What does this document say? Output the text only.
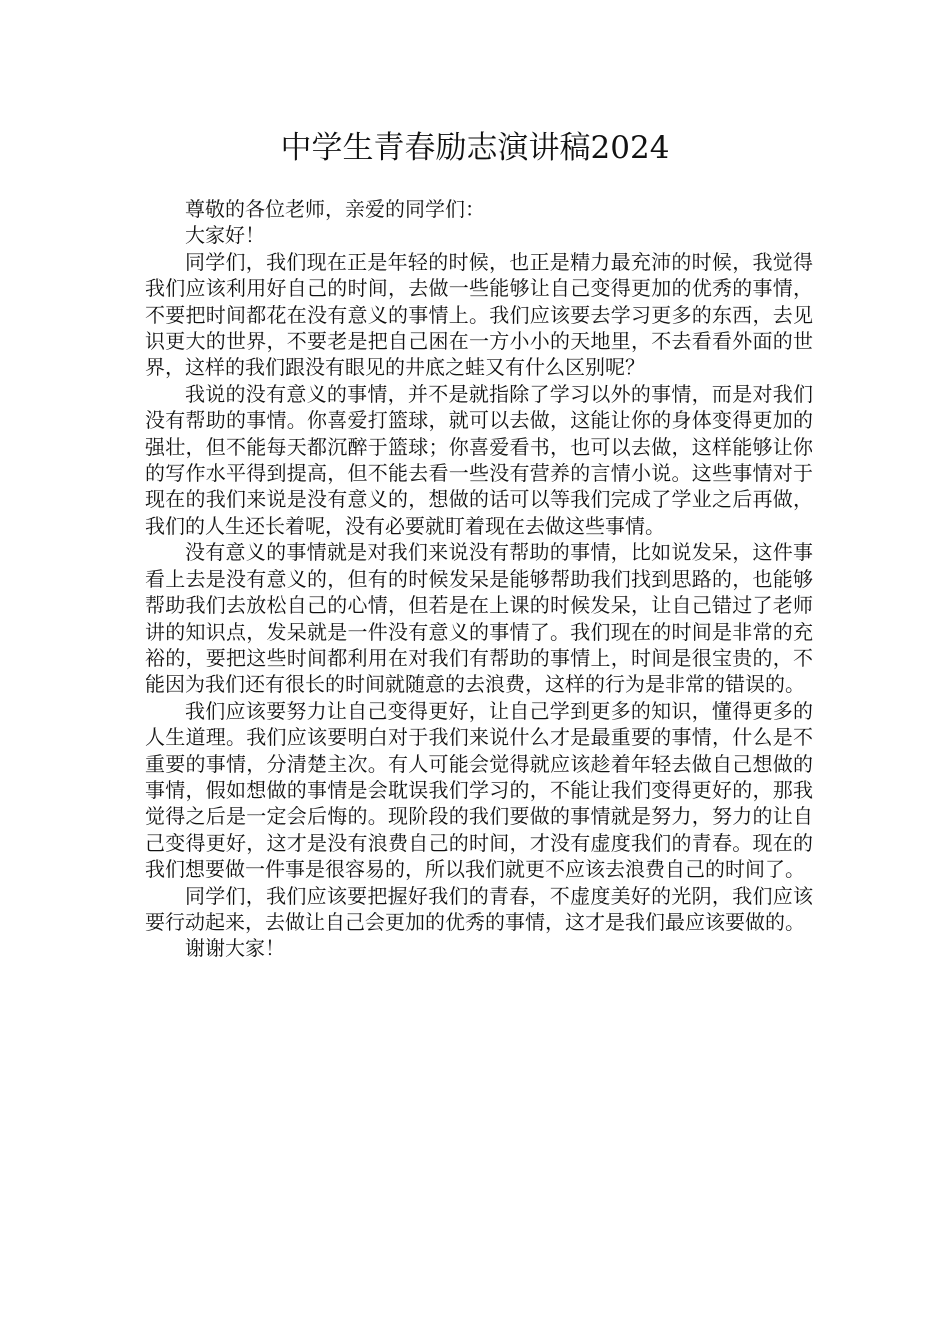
中学生青春励志演讲稿2024

尊敬的各位老师，亲爱的同学们：

大家好！

同学们，我们现在正是年轻的时候，也正是精力最充沛的时候，我觉得我们应该利用好自己的时间，去做一些能够让自己变得更加的优秀的事情，不要把时间都花在没有意义的事情上。我们应该要去学习更多的东西，去见识更大的世界，不要老是把自己困在一方小小的天地里，不去看看外面的世界，这样的我们跟没有眼见的井底之蛙又有什么区别呢？

我说的没有意义的事情，并不是就指除了学习以外的事情，而是对我们没有帮助的事情。你喜爱打篮球，就可以去做，这能让你的身体变得更加的强壮，但不能每天都沉醉于篮球；你喜爱看书，也可以去做，这样能够让你的写作水平得到提高，但不能去看一些没有营养的言情小说。这些事情对于现在的我们来说是没有意义的，想做的话可以等我们完成了学业之后再做，我们的人生还长着呢，没有必要就盯着现在去做这些事情。

没有意义的事情就是对我们来说没有帮助的事情，比如说发呆，这件事看上去是没有意义的，但有的时候发呆是能够帮助我们找到思路的，也能够帮助我们去放松自己的心情，但若是在上课的时候发呆，让自己错过了老师讲的知识点，发呆就是一件没有意义的事情了。我们现在的时间是非常的充裕的，要把这些时间都利用在对我们有帮助的事情上，时间是很宝贵的，不能因为我们还有很长的时间就随意的去浪费，这样的行为是非常的错误的。

我们应该要努力让自己变得更好，让自己学到更多的知识，懂得更多的人生道理。我们应该要明白对于我们来说什么才是最重要的事情，什么是不重要的事情，分清楚主次。有人可能会觉得就应该趁着年轻去做自己想做的事情，假如想做的事情是会耽误我们学习的，不能让我们变得更好的，那我觉得之后是一定会后悔的。现阶段的我们要做的事情就是努力，努力的让自己变得更好，这才是没有浪费自己的时间，才没有虚度我们的青春。现在的我们想要做一件事是很容易的，所以我们就更不应该去浪费自己的时间了。

同学们，我们应该要把握好我们的青春，不虚度美好的光阴，我们应该要行动起来，去做让自己会更加的优秀的事情，这才是我们最应该要做的。

谢谢大家！
